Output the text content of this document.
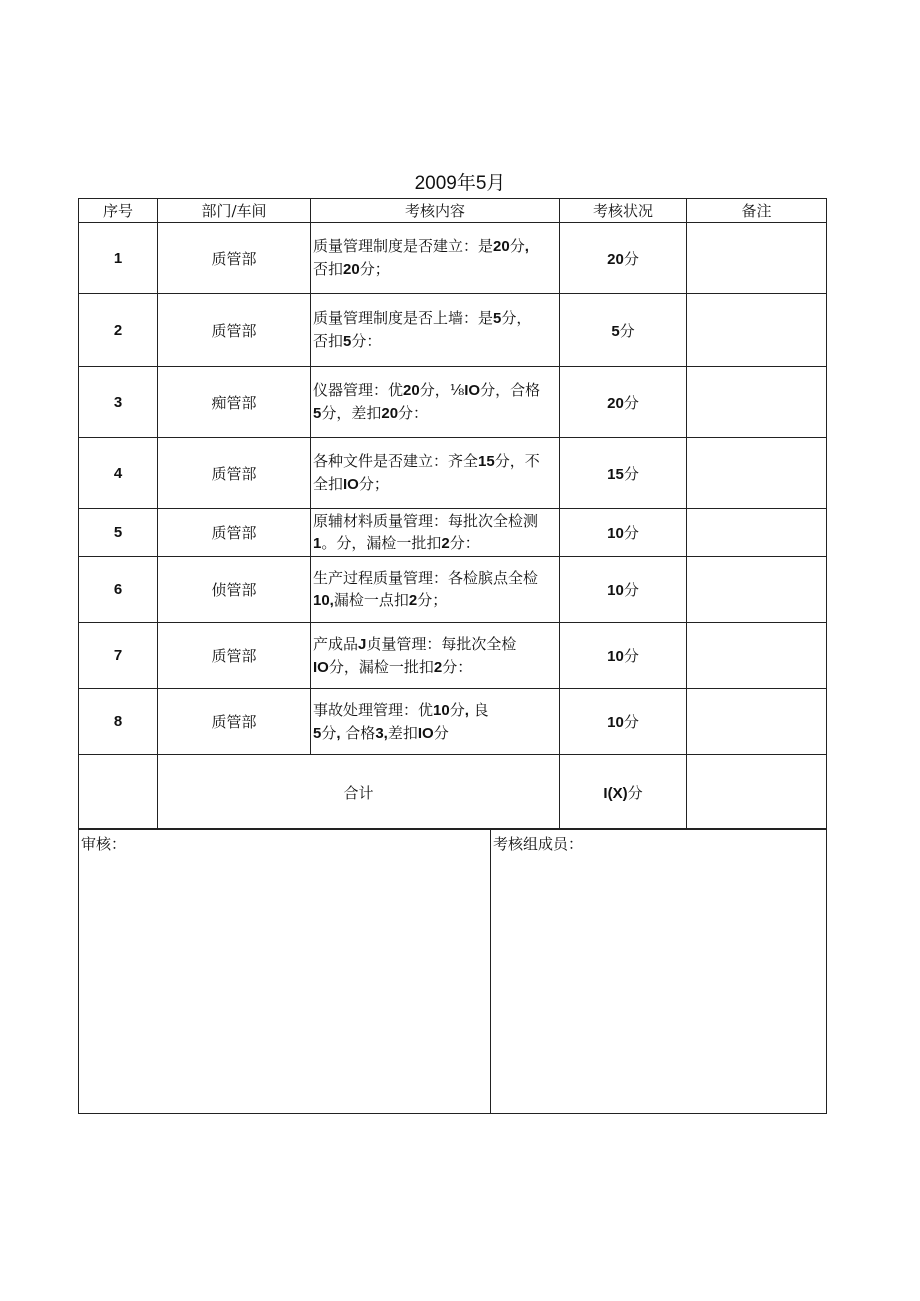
2009年5月
序号	部门/车间	考核内容	考核状况	备注
1	质管部	质量管理制度是否建立：是20分,
否扣20分；	20分	
2	质管部	质量管理制度是否上墙：是5分，
否扣5分：	5分	
3	痴管部	仪器管理：优20分，⅛IO分，合格
5分，差扣20分：	20分	
4	质管部	各种文件是否建立：齐全15分，不
全扣IO分；	15分	
5	质管部	原辅材料质量管理：每批次全检测
1。分，漏检一批扣2分：	10分	
6	侦管部	生产过程质量管理：各检膑点全检
10,漏检一点扣2分；	10分	
7	质管部	产成品J贞量管理：每批次全检
IO分，漏检一批扣2分：	10分	
8	质管部	事故处理管理：优10分, 良
5分, 合格3,差扣IO分	10分	
	合计		I(X)分	
审核：	考核组成员：
